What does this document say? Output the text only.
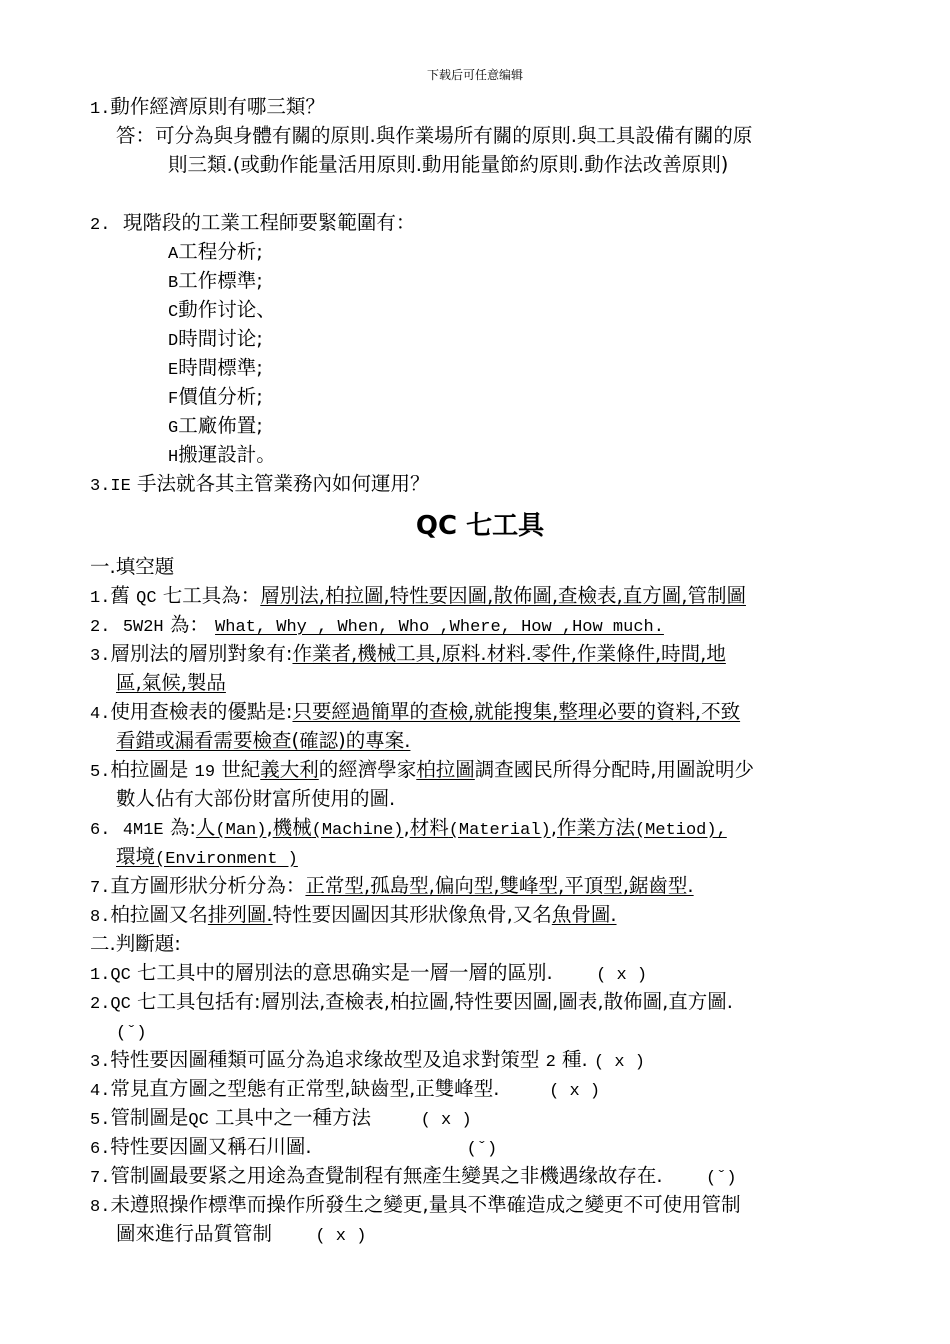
下载后可任意编辑
1.動作經濟原則有哪三類？
答：可分為與身體有關的原則.與作業場所有關的原則.與工具設備有關的原
則三類.(或動作能量活用原則.動用能量節約原則.動作法改善原則)
2. 現階段的工業工程師要緊範圍有：
A工程分析;
B工作標準;
C動作讨论、
D時間讨论;
E時間標準;
F價值分析;
G工廠佈置;
H搬運設計。
3.IE 手法就各其主管業務內如何運用？
QC 七工具
一.填空題
1.舊 QC 七工具為：層別法,柏拉圖,特性要因圖,散佈圖,查檢表,直方圖,管制圖
2. 5W2H 為： What, Why , When, Who ,Where, How ,How much.
3.層別法的層別對象有:作業者,機械工具,原料.材料.零件,作業條件,時間,地
區,氣候,製品
4.使用查檢表的優點是:只要經過簡單的查檢,就能搜集,整理必要的資料,不致
看錯或漏看需要檢查(確認)的專案.
5.柏拉圖是 19 世紀義大利的經濟學家柏拉圖調查國民所得分配時,用圖說明少
數人佔有大部份財富所使用的圖.
6. 4M1E 為:人(Man),機械(Machine),材料(Material),作業方法(Metiod),
環境(Environment )
7.直方圖形狀分析分為：正常型,孤島型,偏向型,雙峰型,平頂型,鋸齒型.
8.柏拉圖又名排列圖.特性要因圖因其形狀像魚骨,又名魚骨圖.
二.判斷題:
1.QC 七工具中的層別法的意思确实是一層一層的區別.	( x )
2.QC 七工具包括有:層別法,查檢表,柏拉圖,特性要因圖,圖表,散佈圖,直方圖.
(ˇ)
3.特性要因圖種類可區分為追求缘故型及追求對策型 2 種. ( x )
4.常見直方圖之型態有正常型,缺齒型,正雙峰型.	( x )
5.管制圖是QC 工具中之一種方法	( x )
6.特性要因圖又稱石川圖.	(ˇ)
7.管制圖最要紧之用途為查覺制程有無產生變異之非機遇缘故存在.	(ˇ)
8.未遵照操作標準而操作所發生之變更,量具不準確造成之變更不可使用管制
圖來進行品質管制	( x )
